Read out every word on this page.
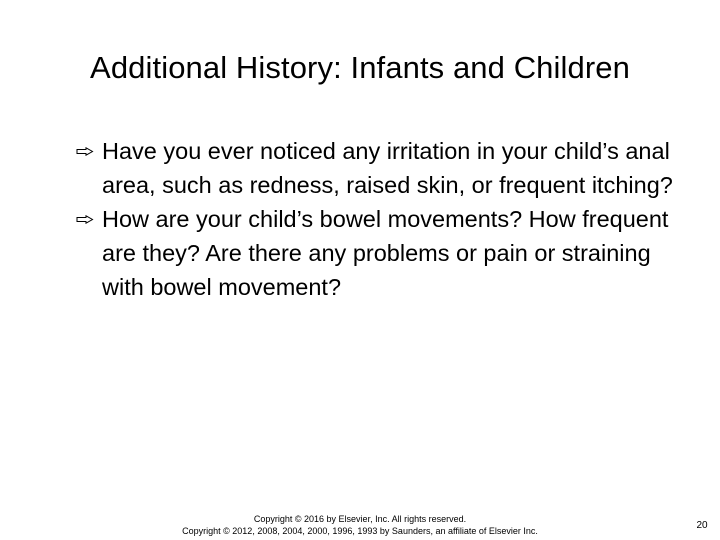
Additional History: Infants and Children
Have you ever noticed any irritation in your child’s anal area, such as redness, raised skin, or frequent itching?
How are your child’s bowel movements? How frequent are they? Are there any problems or pain or straining with bowel movement?
Copyright © 2016 by Elsevier, Inc. All rights reserved.
Copyright © 2012, 2008, 2004, 2000, 1996, 1993 by Saunders, an affiliate of Elsevier Inc.	20
